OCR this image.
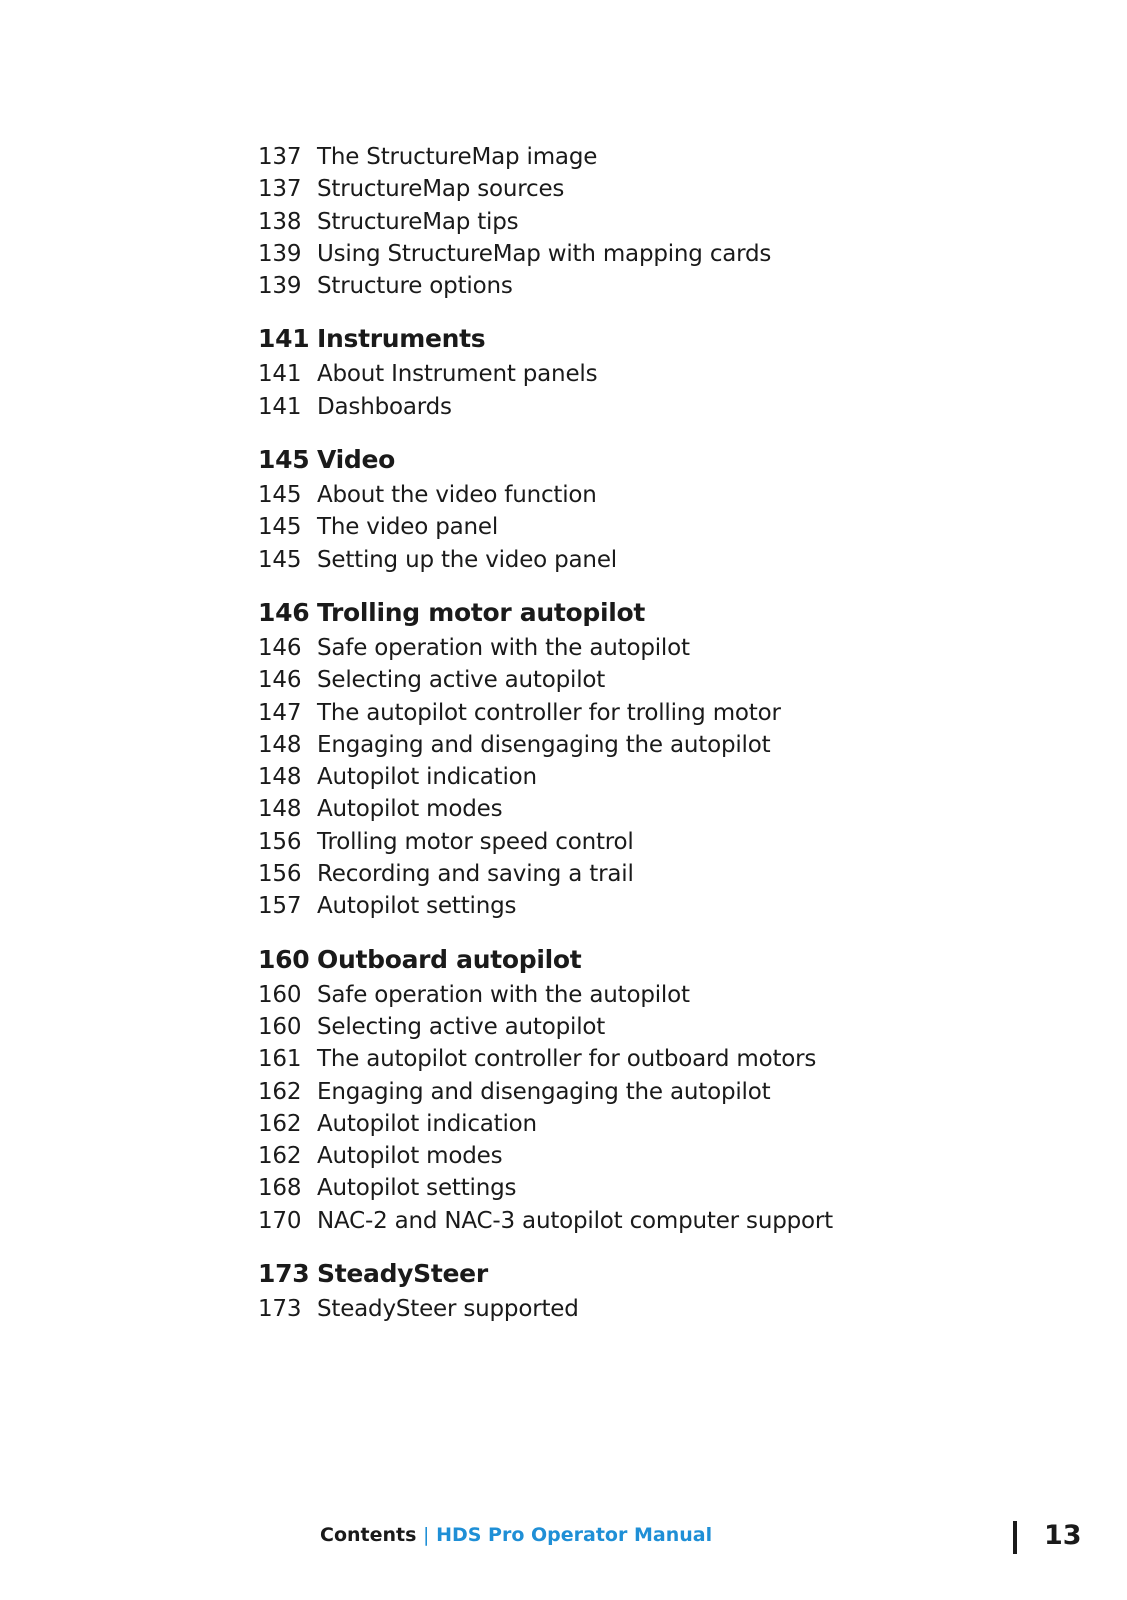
137 The StructureMap image
137 StructureMap sources
138 StructureMap tips
139 Using StructureMap with mapping cards
139 Structure options
141 Instruments
141 About Instrument panels
141 Dashboards
145 Video
145 About the video function
145 The video panel
145 Setting up the video panel
146 Trolling motor autopilot
146 Safe operation with the autopilot
146 Selecting active autopilot
147 The autopilot controller for trolling motor
148 Engaging and disengaging the autopilot
148 Autopilot indication
148 Autopilot modes
156 Trolling motor speed control
156 Recording and saving a trail
157 Autopilot settings
160 Outboard autopilot
160 Safe operation with the autopilot
160 Selecting active autopilot
161 The autopilot controller for outboard motors
162 Engaging and disengaging the autopilot
162 Autopilot indication
162 Autopilot modes
168 Autopilot settings
170 NAC-2 and NAC-3 autopilot computer support
173 SteadySteer
173 SteadySteer supported
Contents | HDS Pro Operator Manual	13
